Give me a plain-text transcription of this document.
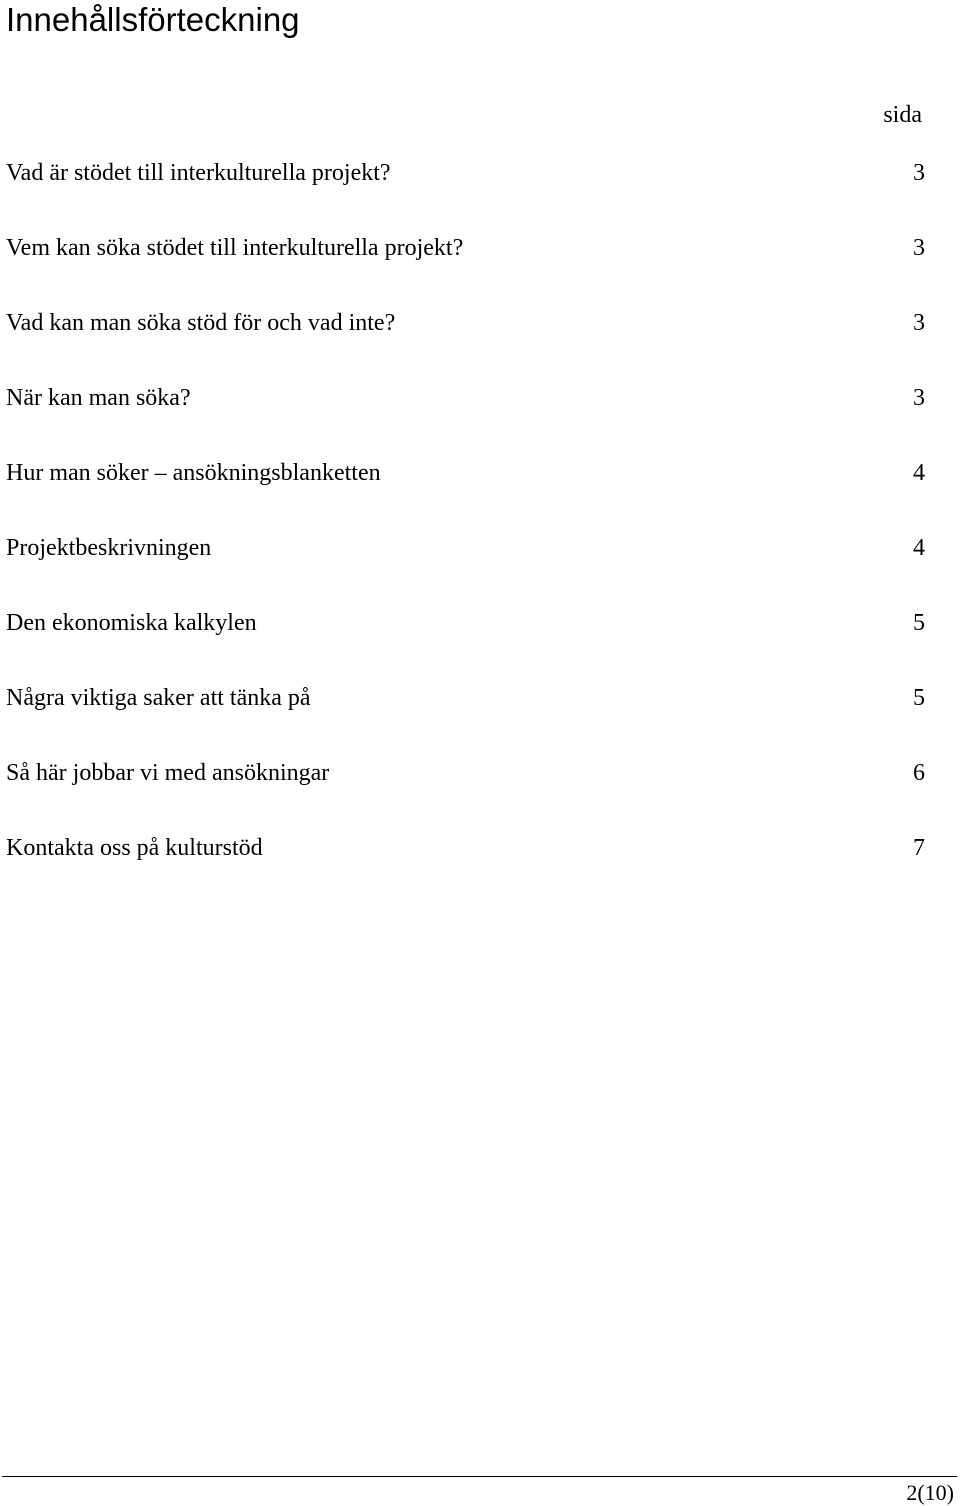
Innehållsförteckning
sida
Vad är stödet till interkulturella projekt?	3
Vem kan söka stödet till interkulturella projekt?	3
Vad kan man söka stöd för och vad inte?	3
När kan man söka?	3
Hur man söker – ansökningsblanketten	4
Projektbeskrivningen	4
Den ekonomiska kalkylen	5
Några viktiga saker att tänka på	5
Så här jobbar vi med ansökningar	6
Kontakta oss på kulturstöd	7
2(10)
